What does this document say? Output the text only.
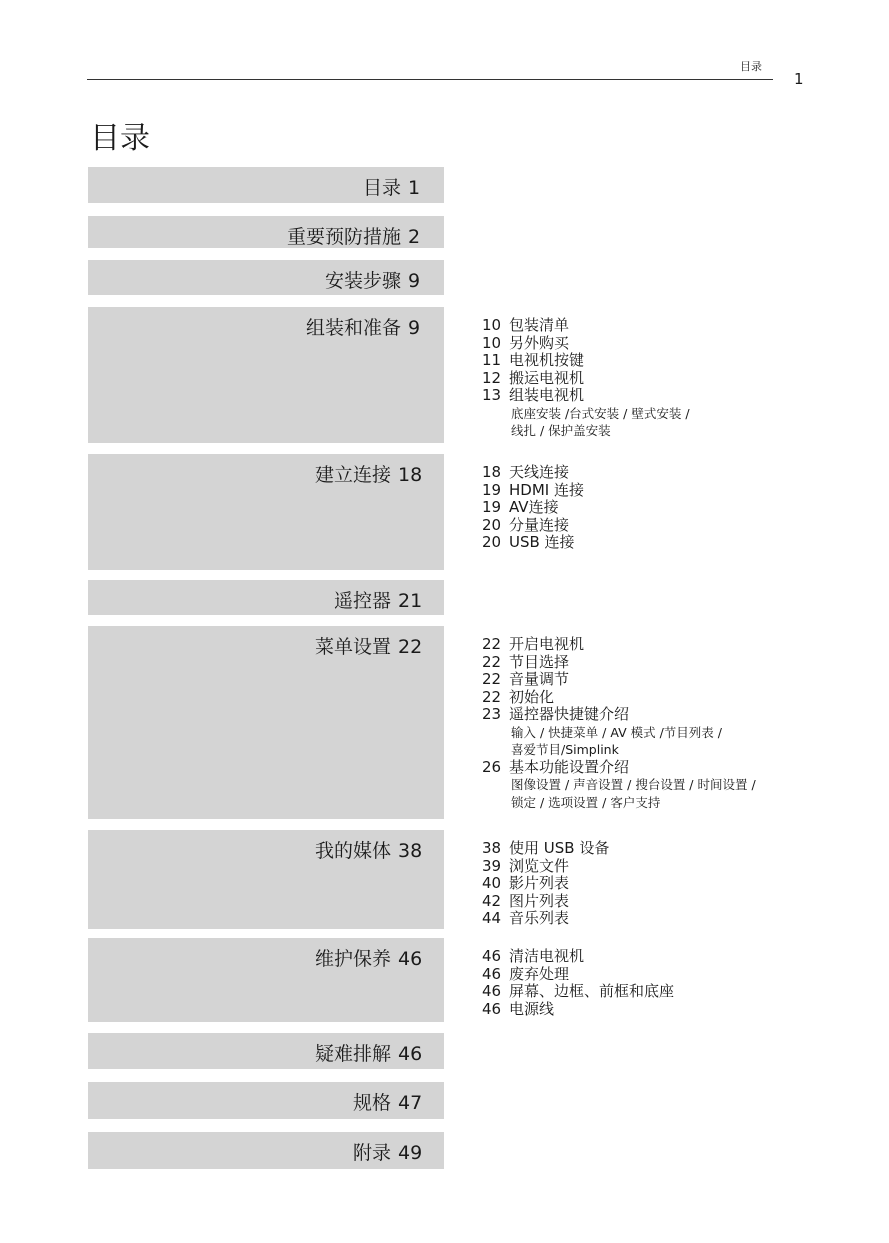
目录
1
目录
目录 1
重要预防措施 2
安装步骤 9
组装和准备 9	10 包装清单
10 另外购买
11 电视机按键
12 搬运电视机
13 组装电视机
底座安装 /台式安装 / 壁式安装 /
线扎 / 保护盖安装
建立连接 18	18 天线连接
19 HDMI 连接
19 AV连接
20 分量连接
20 USB 连接
遥控器 21
菜单设置 22	22 开启电视机
22 节目选择
22 音量调节
22 初始化
23 遥控器快捷键介绍
输入 / 快捷菜单 / AV 模式 /节目列表 /
喜爱节目/Simplink
26 基本功能设置介绍
图像设置 / 声音设置 / 搜台设置 / 时间设置 /
锁定 / 选项设置 / 客户支持
我的媒体 38	38 使用 USB 设备
39 浏览文件
40 影片列表
42 图片列表
44 音乐列表
维护保养 46	46 清洁电视机
46 废弃处理
46 屏幕、边框、前框和底座
46 电源线
疑难排解 46
规格 47
附录 49
